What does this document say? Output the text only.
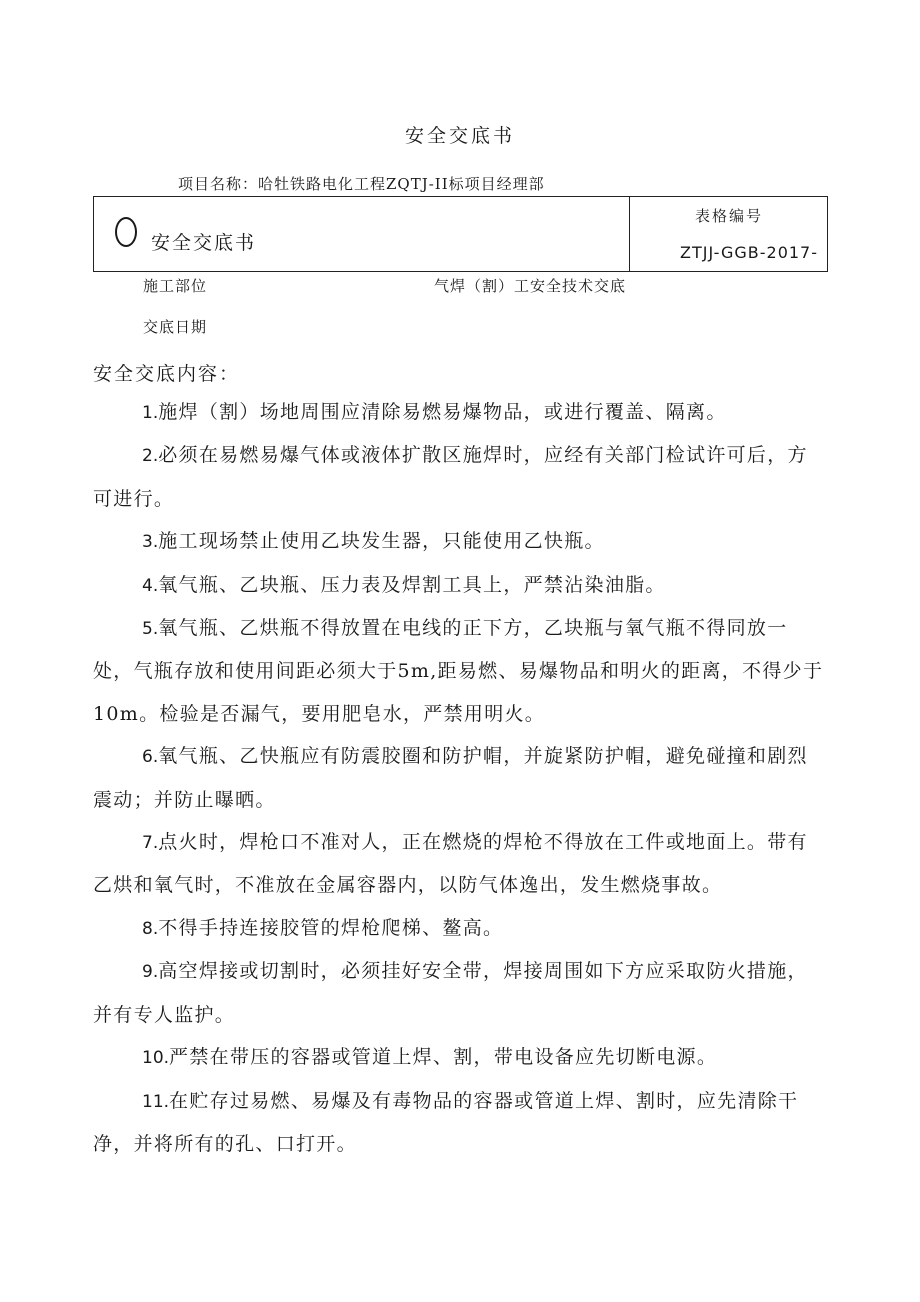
安全交底书
项目名称：哈牡铁路电化工程ZQTJ-II标项目经理部
安全交底书
表格编号
ZTJJ-GGB-2017-
施工部位	气焊（割）工安全技术交底
交底日期
安全交底内容：

1.施焊（割）场地周围应清除易燃易爆物品，或进行覆盖、隔离。

2.必须在易燃易爆气体或液体扩散区施焊时，应经有关部门检试许可后，方可进行。

3.施工现场禁止使用乙块发生器，只能使用乙快瓶。

4.氧气瓶、乙块瓶、压力表及焊割工具上，严禁沾染油脂。

5.氧气瓶、乙烘瓶不得放置在电线的正下方，乙块瓶与氧气瓶不得同放一处，气瓶存放和使用间距必须大于5m,距易燃、易爆物品和明火的距离，不得少于10m。检验是否漏气，要用肥皂水，严禁用明火。

6.氧气瓶、乙快瓶应有防震胶圈和防护帽，并旋紧防护帽，避免碰撞和剧烈震动；并防止曝晒。

7.点火时，焊枪口不准对人，正在燃烧的焊枪不得放在工件或地面上。带有乙烘和氧气时，不准放在金属容器内，以防气体逸出，发生燃烧事故。

8.不得手持连接胶管的焊枪爬梯、鳌高。

9.高空焊接或切割时，必须挂好安全带，焊接周围如下方应采取防火措施，并有专人监护。

10.严禁在带压的容器或管道上焊、割，带电设备应先切断电源。

11.在贮存过易燃、易爆及有毒物品的容器或管道上焊、割时，应先清除干净，并将所有的孔、口打开。
